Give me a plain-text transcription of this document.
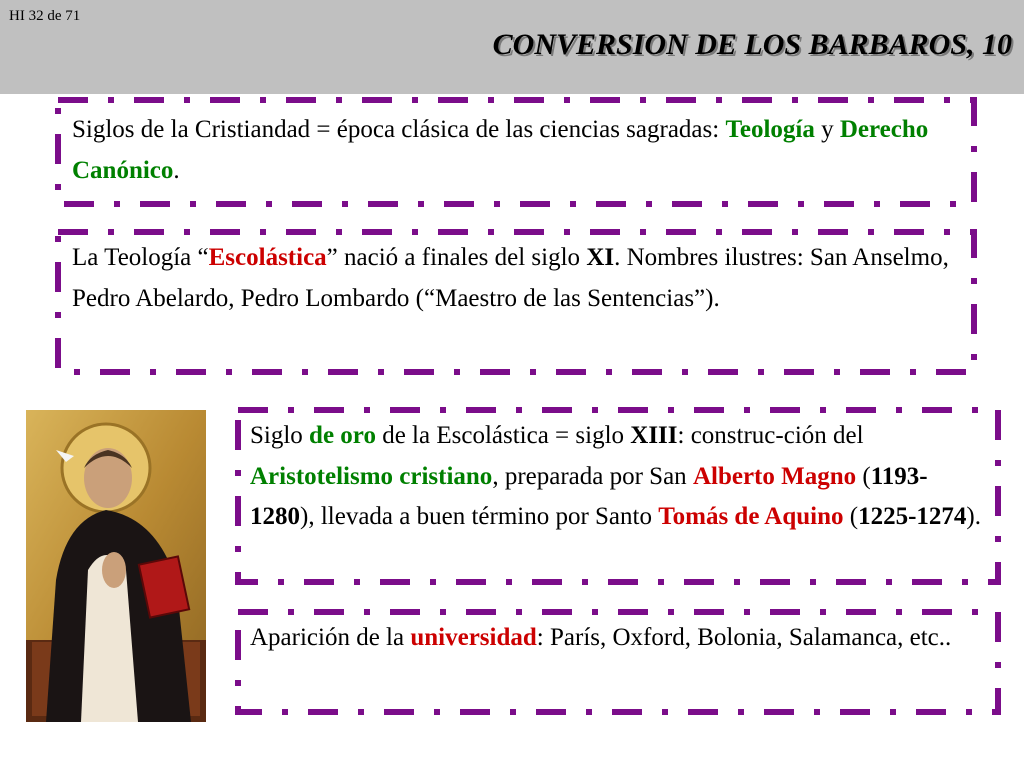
HI 32 de 71
CONVERSION DE LOS BARBAROS, 10
Siglos de la Cristiandad = época clásica de las ciencias sagradas: Teología y Derecho Canónico.
La Teología “Escolástica” nació a finales del siglo XI. Nombres ilustres: San Anselmo, Pedro Abelardo, Pedro Lombardo (“Maestro de las Sentencias”).
Siglo de oro de la Escolástica = siglo XIII: construc-ción del Aristotelismo cristiano, preparada por San Alberto Magno (1193-1280), llevada a buen término por Santo Tomás de Aquino (1225-1274).
Aparición de la universidad: París, Oxford, Bolonia, Salamanca, etc..
